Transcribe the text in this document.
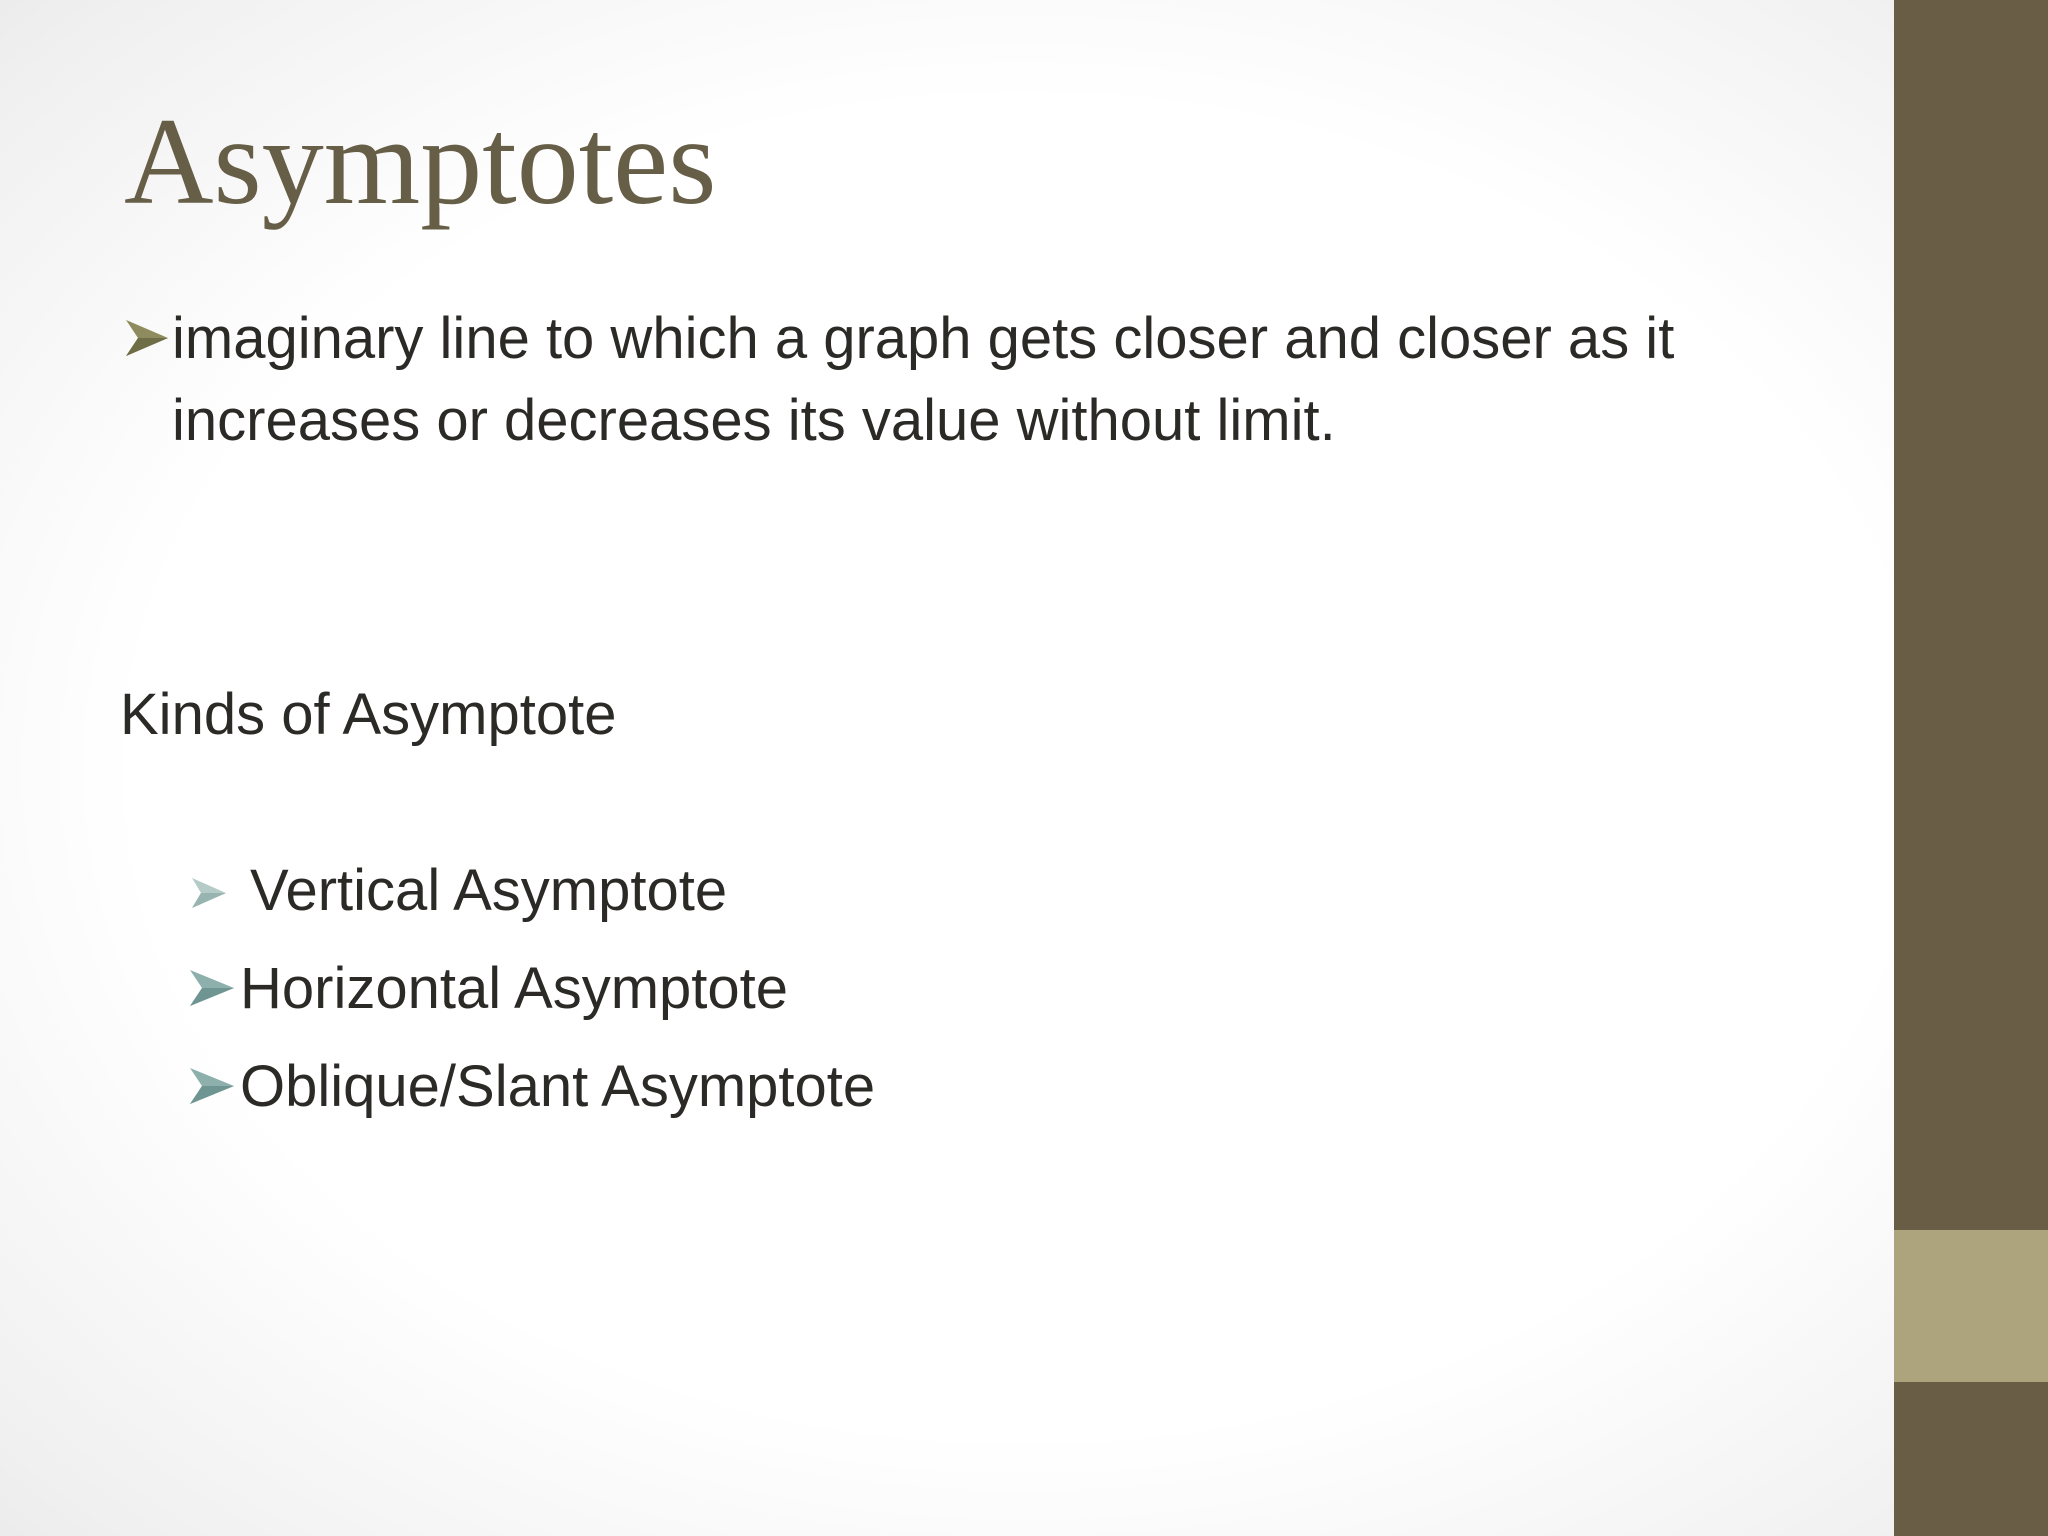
Asymptotes
imaginary line to which a graph gets closer and closer as it increases or decreases its value without limit.
Kinds of Asymptote
Vertical Asymptote
Horizontal Asymptote
Oblique/Slant Asymptote
